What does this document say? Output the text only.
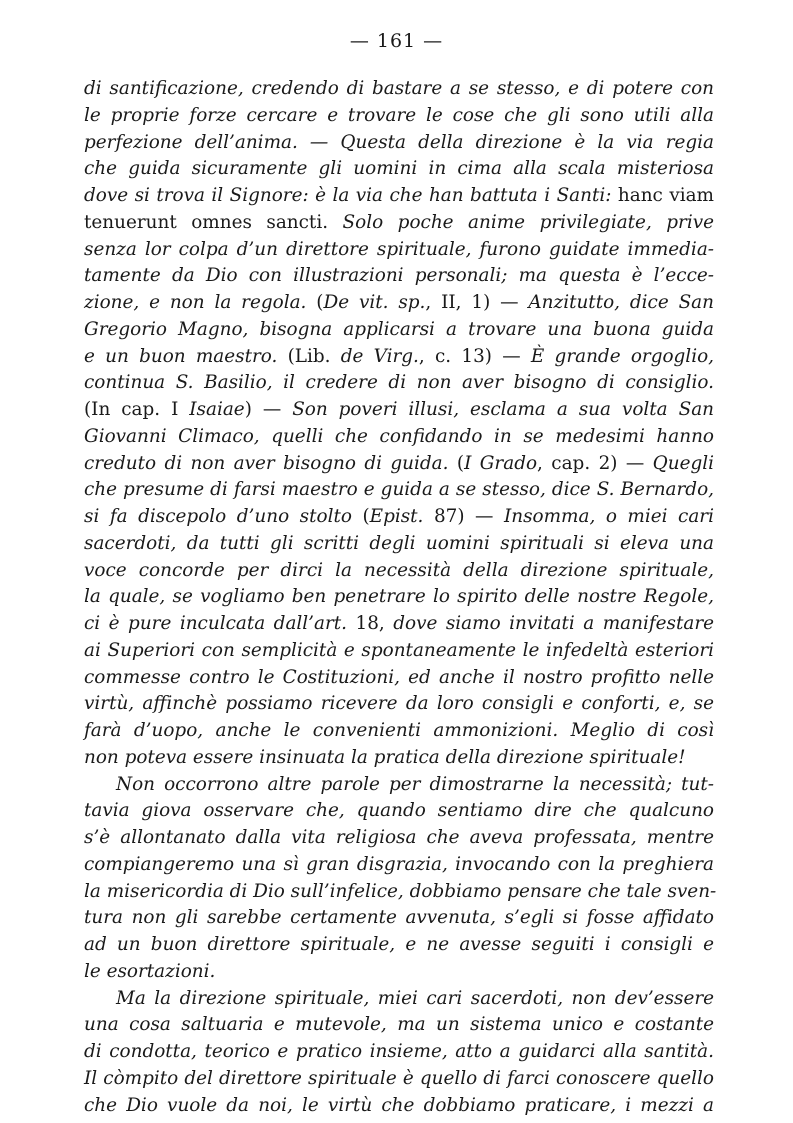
— 161 —
di santificazione, credendo di bastare a se stesso, e di potere con
le proprie forze cercare e trovare le cose che gli sono utili alla
perfezione dell’anima. — Questa della direzione è la via regia
che guida sicuramente gli uomini in cima alla scala misteriosa
dove si trova il Signore: è la via che han battuta i Santi: hanc viam
tenuerunt omnes sancti. Solo poche anime privilegiate, prive
senza lor colpa d’un direttore spirituale, furono guidate immedia-
tamente da Dio con illustrazioni personali; ma questa è l’ecce-
zione, e non la regola. (De vit. sp., II, 1) — Anzitutto, dice San
Gregorio Magno, bisogna applicarsi a trovare una buona guida
e un buon maestro. (Lib. de Virg., c. 13) — È grande orgoglio,
continua S. Basilio, il credere di non aver bisogno di consiglio.
(In cap. I Isaiae) — Son poveri illusi, esclama a sua volta San
Giovanni Climaco, quelli che confidando in se medesimi hanno
creduto di non aver bisogno di guida. (I Grado, cap. 2) — Quegli
che presume di farsi maestro e guida a se stesso, dice S. Bernardo,
si fa discepolo d’uno stolto (Epist. 87) — Insomma, o miei cari
sacerdoti, da tutti gli scritti degli uomini spirituali si eleva una
voce concorde per dirci la necessità della direzione spirituale,
la quale, se vogliamo ben penetrare lo spirito delle nostre Regole,
ci è pure inculcata dall’art. 18, dove siamo invitati a manifestare
ai Superiori con semplicità e spontaneamente le infedeltà esteriori
commesse contro le Costituzioni, ed anche il nostro profitto nelle
virtù, affinchè possiamo ricevere da loro consigli e conforti, e, se
farà d’uopo, anche le convenienti ammonizioni. Meglio di così
non poteva essere insinuata la pratica della direzione spirituale!
Non occorrono altre parole per dimostrarne la necessità; tut-
tavia giova osservare che, quando sentiamo dire che qualcuno
s’è allontanato dalla vita religiosa che aveva professata, mentre
compiangeremo una sì gran disgrazia, invocando con la preghiera
la misericordia di Dio sull’infelice, dobbiamo pensare che tale sven-
tura non gli sarebbe certamente avvenuta, s’egli si fosse affidato
ad un buon direttore spirituale, e ne avesse seguiti i consigli e
le esortazioni.
Ma la direzione spirituale, miei cari sacerdoti, non dev’essere
una cosa saltuaria e mutevole, ma un sistema unico e costante
di condotta, teorico e pratico insieme, atto a guidarci alla santità.
Il còmpito del direttore spirituale è quello di farci conoscere quello
che Dio vuole da noi, le virtù che dobbiamo praticare, i mezzi a
